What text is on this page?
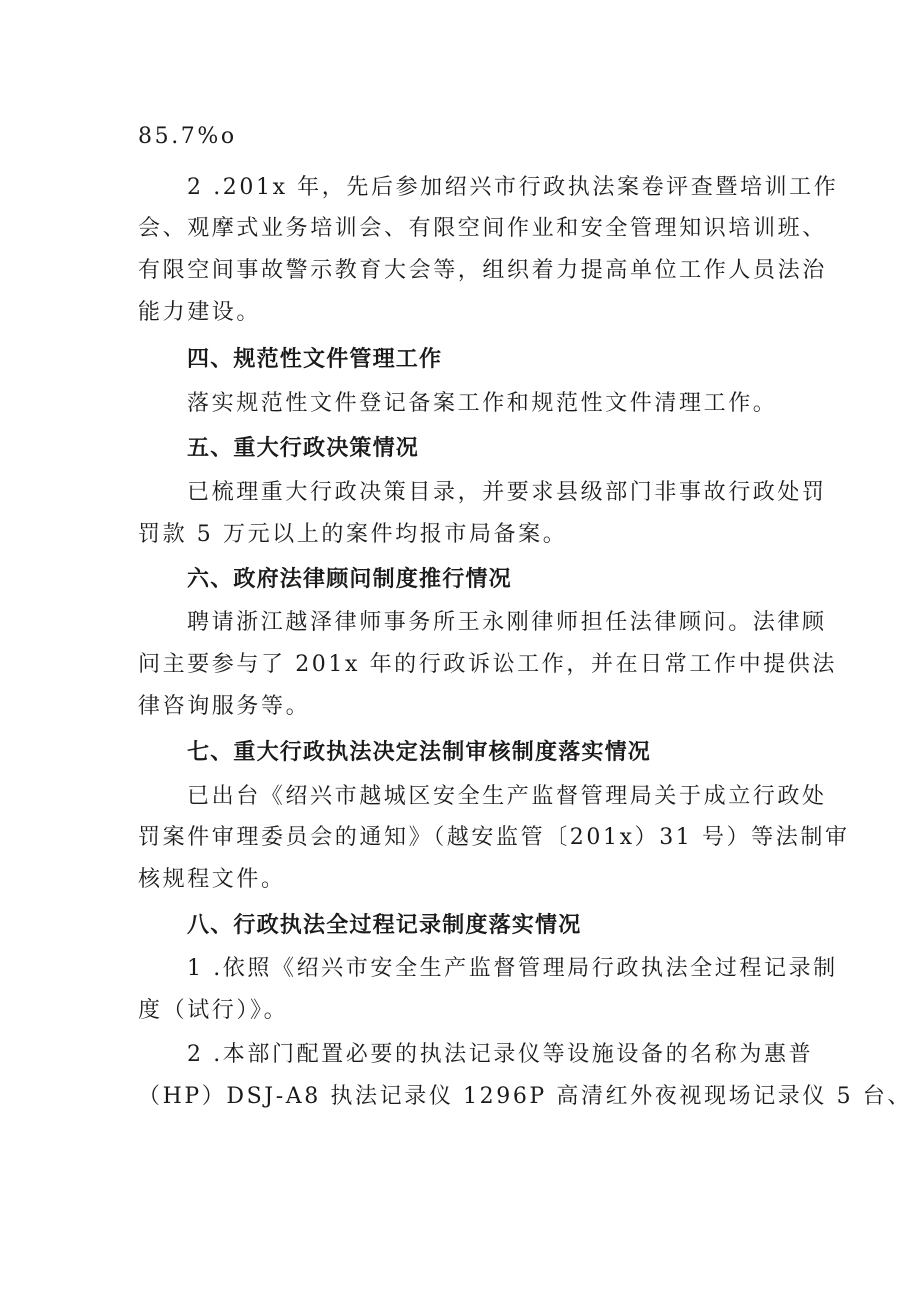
85.7%o
2 .201x 年，先后参加绍兴市行政执法案卷评查暨培训工作
会、观摩式业务培训会、有限空间作业和安全管理知识培训班、
有限空间事故警示教育大会等，组织着力提高单位工作人员法治
能力建设。
四、规范性文件管理工作
落实规范性文件登记备案工作和规范性文件清理工作。
五、重大行政决策情况
已梳理重大行政决策目录，并要求县级部门非事故行政处罚
罚款 5 万元以上的案件均报市局备案。
六、政府法律顾问制度推行情况
聘请浙江越泽律师事务所王永刚律师担任法律顾问。法律顾
问主要参与了 201x 年的行政诉讼工作，并在日常工作中提供法
律咨询服务等。
七、重大行政执法决定法制审核制度落实情况
已出台《绍兴市越城区安全生产监督管理局关于成立行政处
罚案件审理委员会的通知》（越安监管〔201x）31 号）等法制审
核规程文件。
八、行政执法全过程记录制度落实情况
1 .依照《绍兴市安全生产监督管理局行政执法全过程记录制
度（试行）》。
2 .本部门配置必要的执法记录仪等设施设备的名称为惠普
（HP）DSJ-A8 执法记录仪 1296P 高清红外夜视现场记录仪 5 台、
